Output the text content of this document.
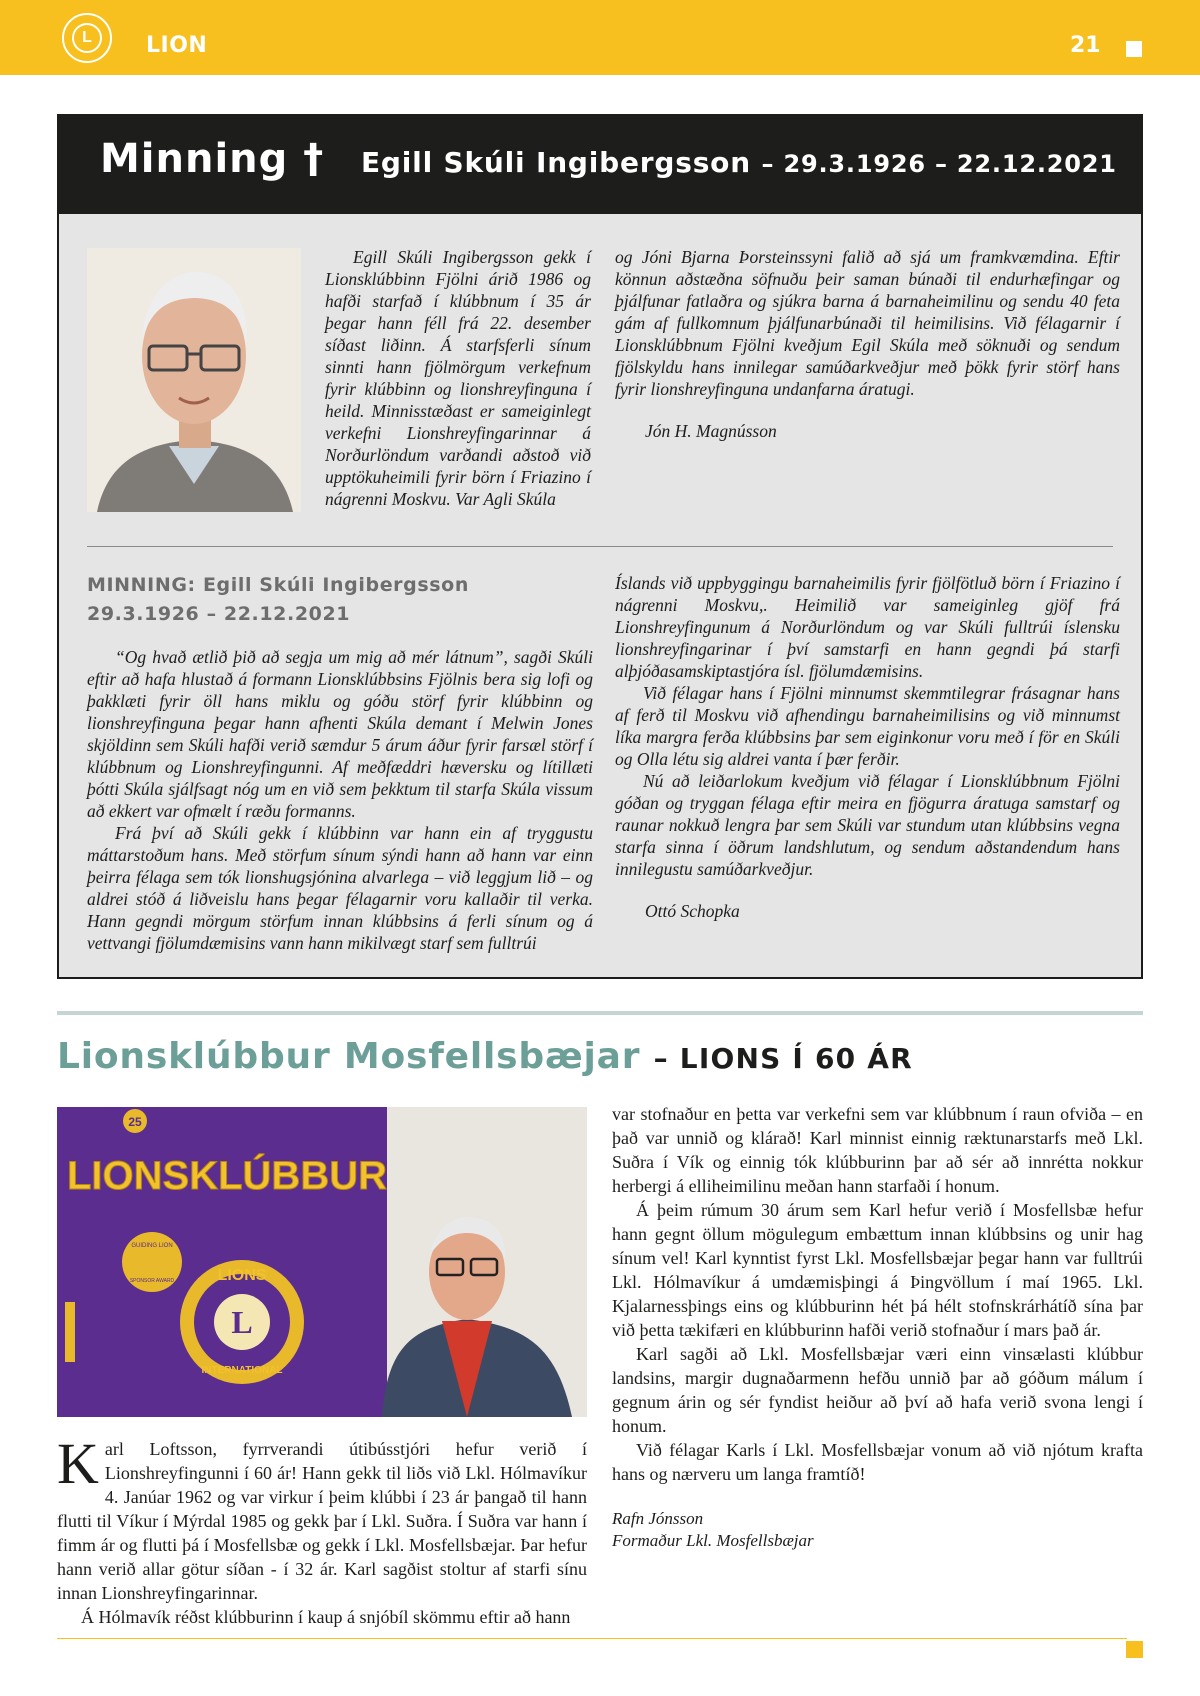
L	LION	21
Minning † Egill Skúli Ingibergsson – 29.3.1926 – 22.12.2021

Egill Skúli Ingibergsson gekk í Lionsklúbbinn Fjölni árið 1986 og hafði starfað í klúbbnum í 35 ár þegar hann féll frá 22. desember síðast liðinn. Á starfsferli sínum sinnti hann fjölmörgum verkefnum fyrir klúbbinn og lionshreyfinguna í heild. Minnisstæðast er sameiginlegt verkefni Lionshreyfingarinnar á Norðurlöndum varðandi aðstoð við upptökuheimili fyrir börn í Friazino í nágrenni Moskvu. Var Agli Skúla

og Jóni Bjarna Þorsteinssyni falið að sjá um framkvæmdina. Eftir könnun aðstæðna söfnuðu þeir saman búnaði til endurhæfingar og þjálfunar fatlaðra og sjúkra barna á barnaheimilinu og sendu 40 feta gám af fullkomnum þjálfunarbúnaði til heimilisins. Við félagarnir í Lionsklúbbnum Fjölni kveðjum Egil Skúla með söknuði og sendum fjölskyldu hans innilegar samúðarkveðjur með þökk fyrir störf hans fyrir lionshreyfinguna undanfarna áratugi.

Jón H. Magnússon

MINNING: Egill Skúli Ingibergsson
29.3.1926 – 22.12.2021

“Og hvað ætlið þið að segja um mig að mér látnum”, sagði Skúli eftir að hafa hlustað á formann Lionsklúbbsins Fjölnis bera sig lofi og þakklæti fyrir öll hans miklu og góðu störf fyrir klúbbinn og lionshreyfinguna þegar hann afhenti Skúla demant í Melwin Jones skjöldinn sem Skúli hafði verið sæmdur 5 árum áður fyrir farsæl störf í klúbbnum og Lionshreyfingunni. Af meðfæddri hæversku og lítillæti þótti Skúla sjálfsagt nóg um en við sem þekktum til starfa Skúla vissum að ekkert var ofmælt í ræðu formanns.

Frá því að Skúli gekk í klúbbinn var hann ein af tryggustu máttarstoðum hans. Með störfum sínum sýndi hann að hann var einn þeirra félaga sem tók lionshugsjónina alvarlega – við leggjum lið – og aldrei stóð á liðveislu hans þegar félagarnir voru kallaðir til verka. Hann gegndi mörgum störfum innan klúbbsins á ferli sínum og á vettvangi fjölumdæmisins vann hann mikilvægt starf sem fulltrúi

Íslands við uppbyggingu barnaheimilis fyrir fjölfötluð börn í Friazino í nágrenni Moskvu,. Heimilið var sameiginleg gjöf frá Lionshreyfingunum á Norðurlöndum og var Skúli fulltrúi íslensku lionshreyfingarinar í því samstarfi en hann gegndi þá starfi alþjóðasamskiptastjóra ísl. fjölumdæmisins.

Við félagar hans í Fjölni minnumst skemmtilegrar frásagnar hans af ferð til Moskvu við afhendingu barnaheimilisins og við minnumst líka margra ferða klúbbsins þar sem eiginkonur voru með í för en Skúli og Olla létu sig aldrei vanta í þær ferðir.

Nú að leiðarlokum kveðjum við félagar í Lionsklúbbnum Fjölni góðan og tryggan félaga eftir meira en fjögurra áratuga samstarf og raunar nokkuð lengra þar sem Skúli var stundum utan klúbbsins vegna starfa sinna í öðrum landshlutum, og sendum aðstandendum hans innilegustu samúðarkveðjur.

Ottó Schopka

Lionsklúbbur Mosfellsbæjar – LIONS Í 60 ÁR
25
LIONSKLÚBBUR
GUIDING LION
SPONSOR AWARD	LIONS
L
INTERNATIONAL

Karl Loftsson, fyrrverandi útibússtjóri hefur verið í Lionshreyfingunni í 60 ár! Hann gekk til liðs við Lkl. Hólmavíkur 4. Janúar 1962 og var virkur í þeim klúbbi í 23 ár þangað til hann flutti til Víkur í Mýrdal 1985 og gekk þar í Lkl. Suðra. Í Suðra var hann í fimm ár og flutti þá í Mosfellsbæ og gekk í Lkl. Mosfellsbæjar. Þar hefur hann verið allar götur síðan - í 32 ár. Karl sagðist stoltur af starfi sínu innan Lionshreyfingarinnar.

Á Hólmavík réðst klúbburinn í kaup á snjóbíl skömmu eftir að hann

var stofnaður en þetta var verkefni sem var klúbbnum í raun ofviða – en það var unnið og klárað! Karl minnist einnig ræktunarstarfs með Lkl. Suðra í Vík og einnig tók klúbburinn þar að sér að innrétta nokkur herbergi á elliheimilinu meðan hann starfaði í honum.

Á þeim rúmum 30 árum sem Karl hefur verið í Mosfellsbæ hefur hann gegnt öllum mögulegum embættum innan klúbbsins og unir hag sínum vel! Karl kynntist fyrst Lkl. Mosfellsbæjar þegar hann var fulltrúi Lkl. Hólmavíkur á umdæmisþingi á Þingvöllum í maí 1965. Lkl. Kjalarnessþings eins og klúbburinn hét þá hélt stofnskrárhátíð sína þar við þetta tækifæri en klúbburinn hafði verið stofnaður í mars það ár.

Karl sagði að Lkl. Mosfellsbæjar væri einn vinsælasti klúbbur landsins, margir dugnaðarmenn hefðu unnið þar að góðum málum í gegnum árin og sér fyndist heiður að því að hafa verið svona lengi í honum.

Við félagar Karls í Lkl. Mosfellsbæjar vonum að við njótum krafta hans og nærveru um langa framtíð!

Rafn Jónsson

Formaður Lkl. Mosfellsbæjar
